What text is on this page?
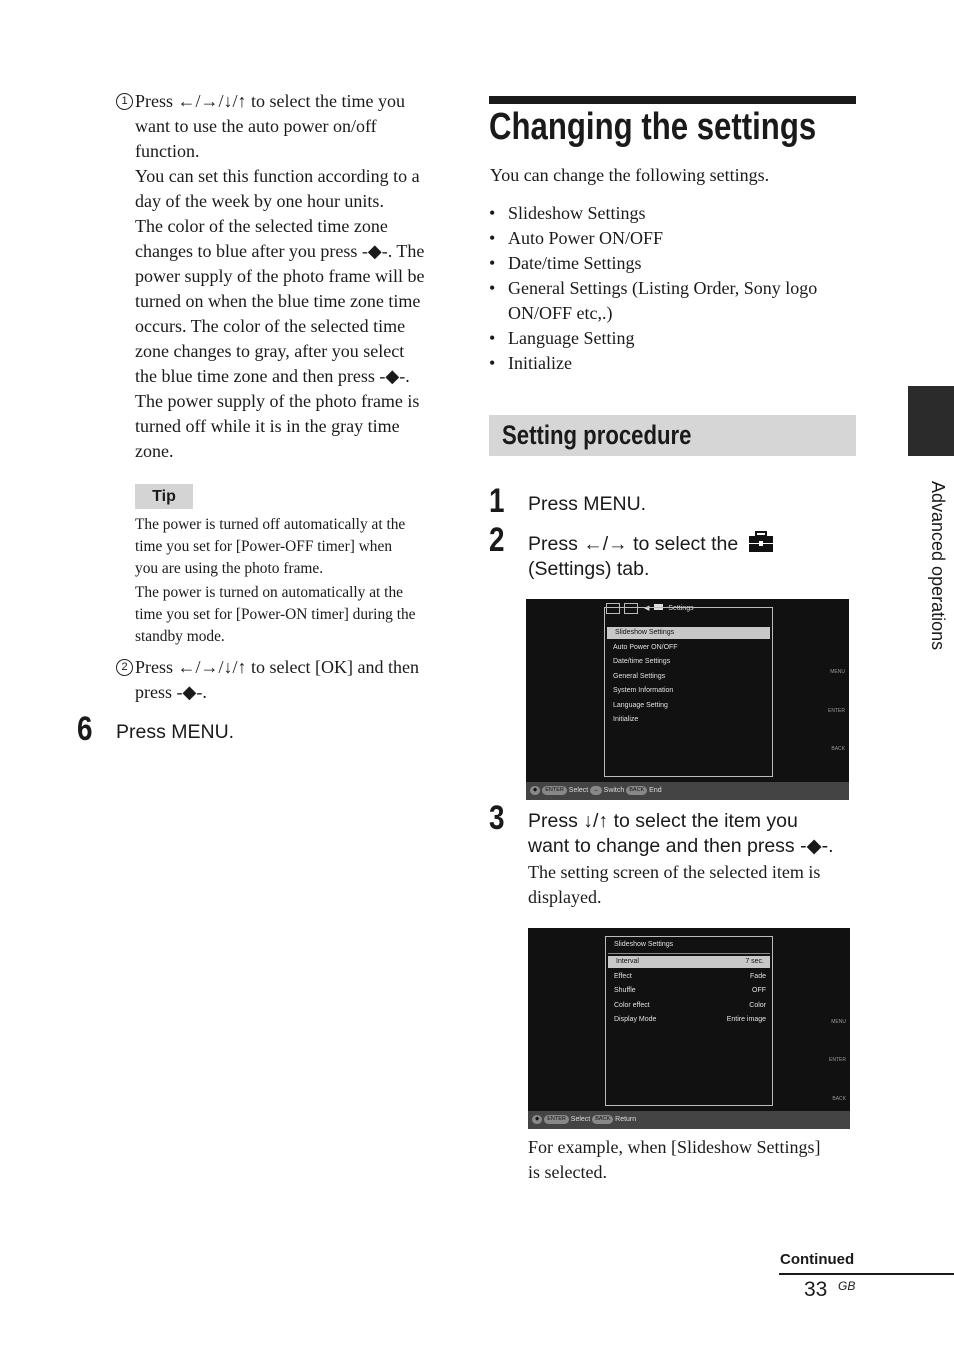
1 Press ←/→/↓/↑ to select the time you
want to use the auto power on/off
function.
You can set this function according to a
day of the week by one hour units.
The color of the selected time zone
changes to blue after you press -◆-. The
power supply of the photo frame will be
turned on when the blue time zone time
occurs. The color of the selected time
zone changes to gray, after you select
the blue time zone and then press -◆-.
The power supply of the photo frame is
turned off while it is in the gray time
zone.
Tip
The power is turned off automatically at the
time you set for [Power-OFF timer] when
you are using the photo frame.
The power is turned on automatically at the
time you set for [Power-ON timer] during the
standby mode.
2 Press ←/→/↓/↑ to select [OK] and then
press -◆-.
6 Press MENU.
Changing the settings
You can change the following settings.
• Slideshow Settings
• Auto Power ON/OFF
• Date/time Settings
• General Settings (Listing Order, Sony logo ON/OFF etc,.)
• Language Setting
• Initialize
Setting procedure
1 Press MENU.
2 Press ←/→ to select the
(Settings) tab.
◀	Settings
Slideshow Settings
Auto Power ON/OFF
Date/time Settings
General Settings
System Information
Language Setting
Initialize
MENU
ENTER
BACK
◆ ENTER Select ↔ Switch BACK End
3 Press ↓/↑ to select the item you
want to change and then press -◆-.
The setting screen of the selected item is
displayed.
Slideshow Settings
Interval	7 sec.
Effect	Fade
Shuffle	OFF
Color effect	Color
Display Mode	Entire image	MENU
ENTER
BACK
◆ ENTER Select BACK Return
For example, when [Slideshow Settings]
is selected.
Advanced operations
Continued
33 GB
